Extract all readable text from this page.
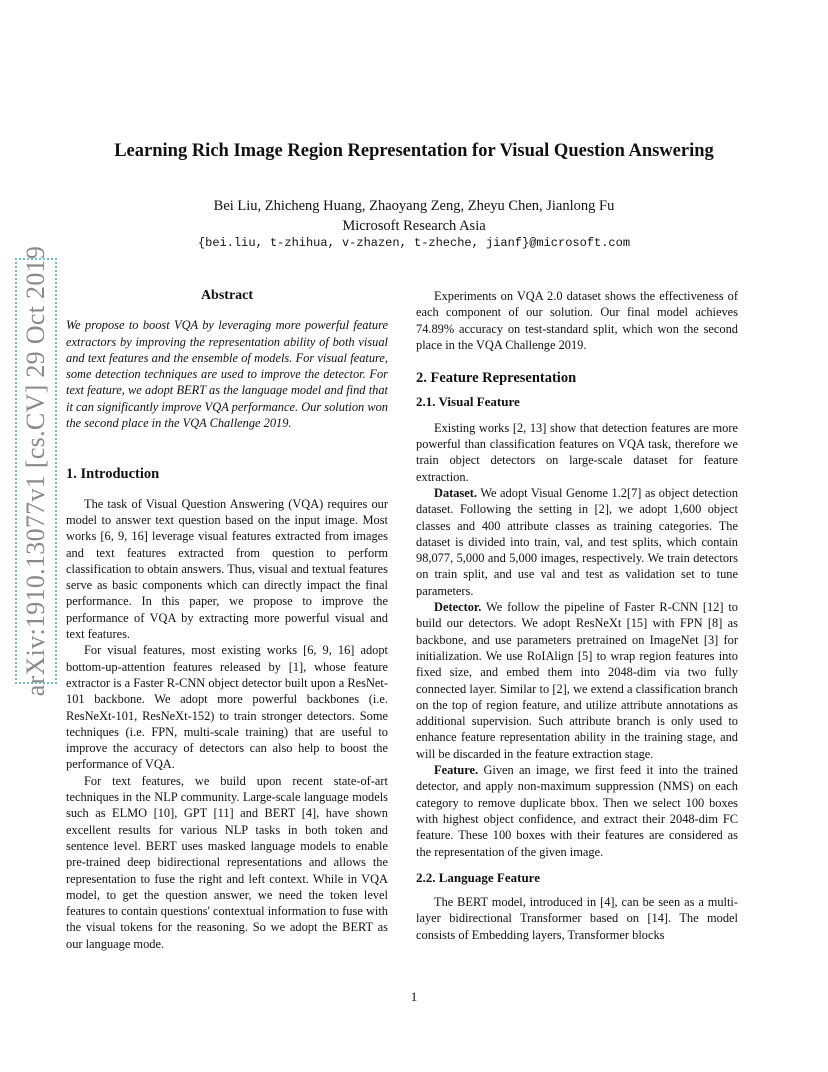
Learning Rich Image Region Representation for Visual Question Answering
Bei Liu, Zhicheng Huang, Zhaoyang Zeng, Zheyu Chen, Jianlong Fu
Microsoft Research Asia
{bei.liu, t-zhihua, v-zhazen, t-zheche, jianf}@microsoft.com
arXiv:1910.13077v1 [cs.CV] 29 Oct 2019	Abstract

We propose to boost VQA by leveraging more powerful feature extractors by improving the representation ability of both visual and text features and the ensemble of models. For visual feature, some detection techniques are used to improve the detector. For text feature, we adopt BERT as the language model and find that it can significantly improve VQA performance. Our solution won the second place in the VQA Challenge 2019.

1. Introduction

The task of Visual Question Answering (VQA) requires our model to answer text question based on the input image. Most works [6, 9, 16] leverage visual features extracted from images and text features extracted from question to perform classification to obtain answers. Thus, visual and textual features serve as basic components which can directly impact the final performance. In this paper, we propose to improve the performance of VQA by extracting more powerful visual and text features.

For visual features, most existing works [6, 9, 16] adopt bottom-up-attention features released by [1], whose feature extractor is a Faster R-CNN object detector built upon a ResNet-101 backbone. We adopt more powerful backbones (i.e. ResNeXt-101, ResNeXt-152) to train stronger detectors. Some techniques (i.e. FPN, multi-scale training) that are useful to improve the accuracy of detectors can also help to boost the performance of VQA.

For text features, we build upon recent state-of-art techniques in the NLP community. Large-scale language models such as ELMO [10], GPT [11] and BERT [4], have shown excellent results for various NLP tasks in both token and sentence level. BERT uses masked language models to enable pre-trained deep bidirectional representations and allows the representation to fuse the right and left context. While in VQA model, to get the question answer, we need the token level features to contain questions' contextual information to fuse with the visual tokens for the reasoning. So we adopt the BERT as our language mode.

Experiments on VQA 2.0 dataset shows the effectiveness of each component of our solution. Our final model achieves 74.89% accuracy on test-standard split, which won the second place in the VQA Challenge 2019.

2. Feature Representation
2.1. Visual Feature

Existing works [2, 13] show that detection features are more powerful than classification features on VQA task, therefore we train object detectors on large-scale dataset for feature extraction.

Dataset. We adopt Visual Genome 1.2[7] as object detection dataset. Following the setting in [2], we adopt 1,600 object classes and 400 attribute classes as training categories. The dataset is divided into train, val, and test splits, which contain 98,077, 5,000 and 5,000 images, respectively. We train detectors on train split, and use val and test as validation set to tune parameters.

Detector. We follow the pipeline of Faster R-CNN [12] to build our detectors. We adopt ResNeXt [15] with FPN [8] as backbone, and use parameters pretrained on ImageNet [3] for initialization. We use RoIAlign [5] to wrap region features into fixed size, and embed them into 2048-dim via two fully connected layer. Similar to [2], we extend a classification branch on the top of region feature, and utilize attribute annotations as additional supervision. Such attribute branch is only used to enhance feature representation ability in the training stage, and will be discarded in the feature extraction stage.

Feature. Given an image, we first feed it into the trained detector, and apply non-maximum suppression (NMS) on each category to remove duplicate bbox. Then we select 100 boxes with highest object confidence, and extract their 2048-dim FC feature. These 100 boxes with their features are considered as the representation of the given image.

2.2. Language Feature

The BERT model, introduced in [4], can be seen as a multi-layer bidirectional Transformer based on [14]. The model consists of Embedding layers, Transformer blocks

1
